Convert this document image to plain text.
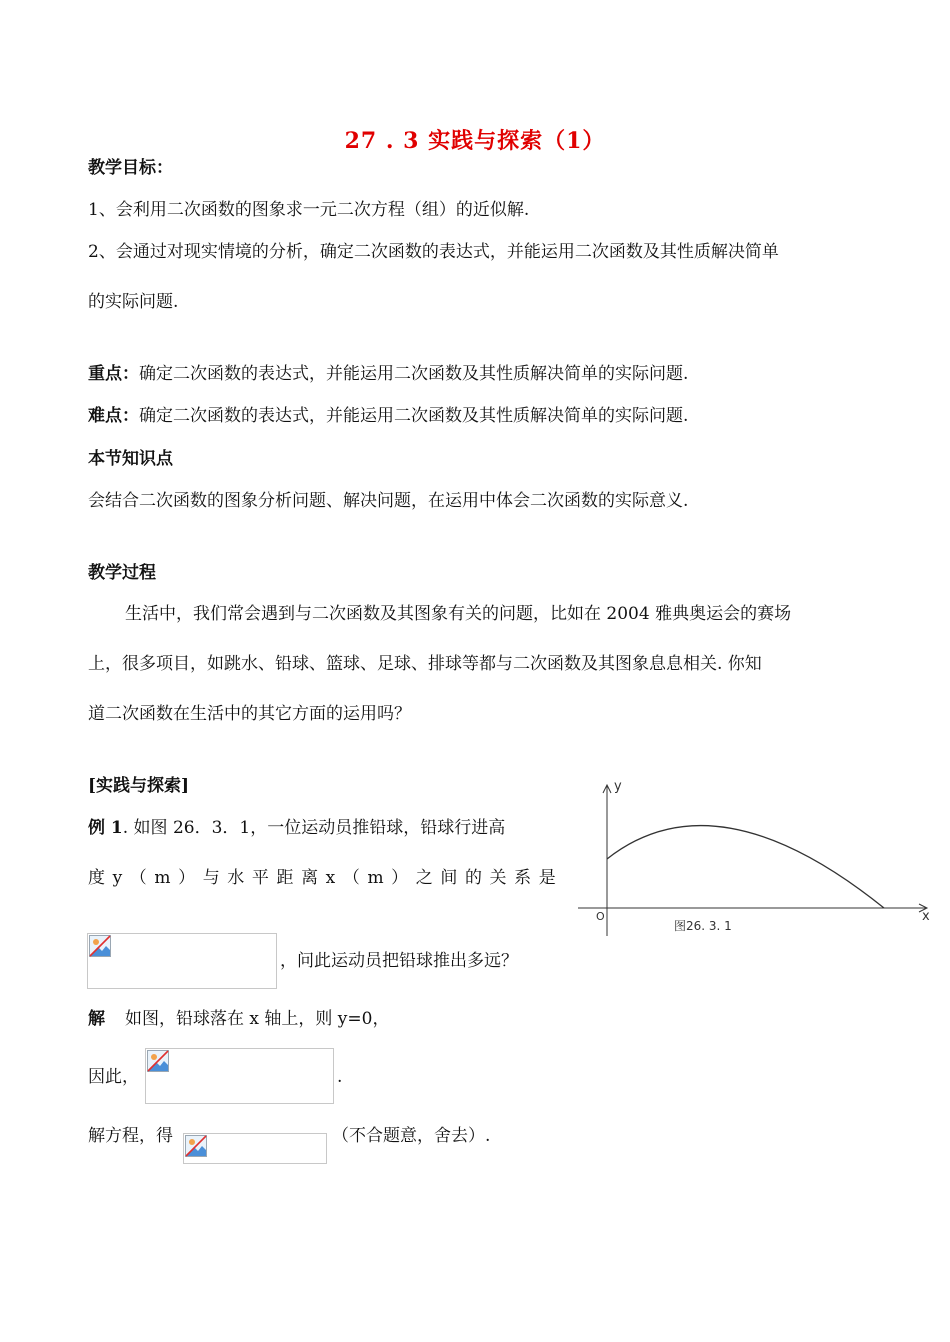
27 . 3 实践与探索（1）
教学目标：
1、会利用二次函数的图象求一元二次方程（组）的近似解.
2、会通过对现实情境的分析，确定二次函数的表达式，并能运用二次函数及其性质解决简单
的实际问题.
重点：确定二次函数的表达式，并能运用二次函数及其性质解决简单的实际问题.
难点：确定二次函数的表达式，并能运用二次函数及其性质解决简单的实际问题.
本节知识点
会结合二次函数的图象分析问题、解决问题，在运用中体会二次函数的实际意义.
教学过程
生活中，我们常会遇到与二次函数及其图象有关的问题，比如在 2004 雅典奥运会的赛场
上，很多项目，如跳水、铅球、篮球、足球、排球等都与二次函数及其图象息息相关. 你知
道二次函数在生活中的其它方面的运用吗？
[实践与探索]
例 1. 如图 26．3．1，一位运动员推铅球，铅球行进高
度 y （ m ） 与 水 平 距 离 x （ m ） 之 间 的 关 系 是
，问此运动员把铅球推出多远？
解 如图，铅球落在 x 轴上，则 y=0，
因此，	.
解方程，得	（不合题意，舍去）.
y
x
O
图26. 3. 1
